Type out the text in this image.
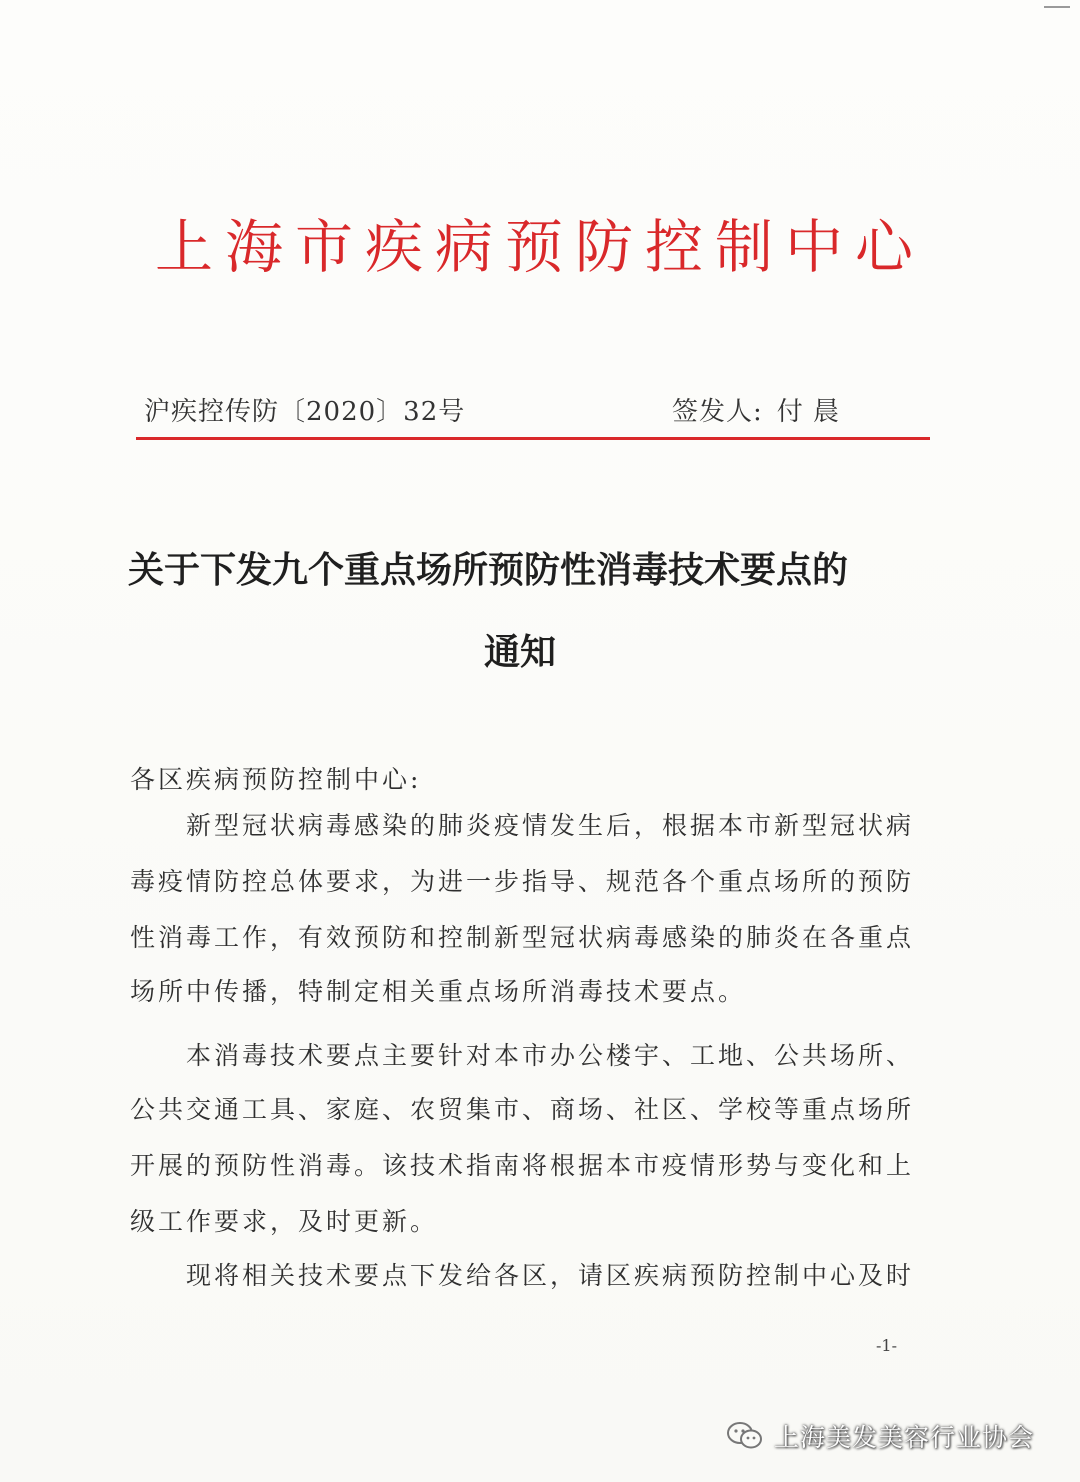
上海市疾病预防控制中心
沪疾控传防〔2020〕32号	签发人: 付 晨
关于下发九个重点场所预防性消毒技术要点的
通知
各区疾病预防控制中心:
新型冠状病毒感染的肺炎疫情发生后，根据本市新型冠状病
毒疫情防控总体要求，为进一步指导、规范各个重点场所的预防
性消毒工作，有效预防和控制新型冠状病毒感染的肺炎在各重点
场所中传播，特制定相关重点场所消毒技术要点。
本消毒技术要点主要针对本市办公楼宇、工地、公共场所、
公共交通工具、家庭、农贸集市、商场、社区、学校等重点场所
开展的预防性消毒。该技术指南将根据本市疫情形势与变化和上
级工作要求，及时更新。
现将相关技术要点下发给各区，请区疾病预防控制中心及时
-1-
上海美发美容行业协会
